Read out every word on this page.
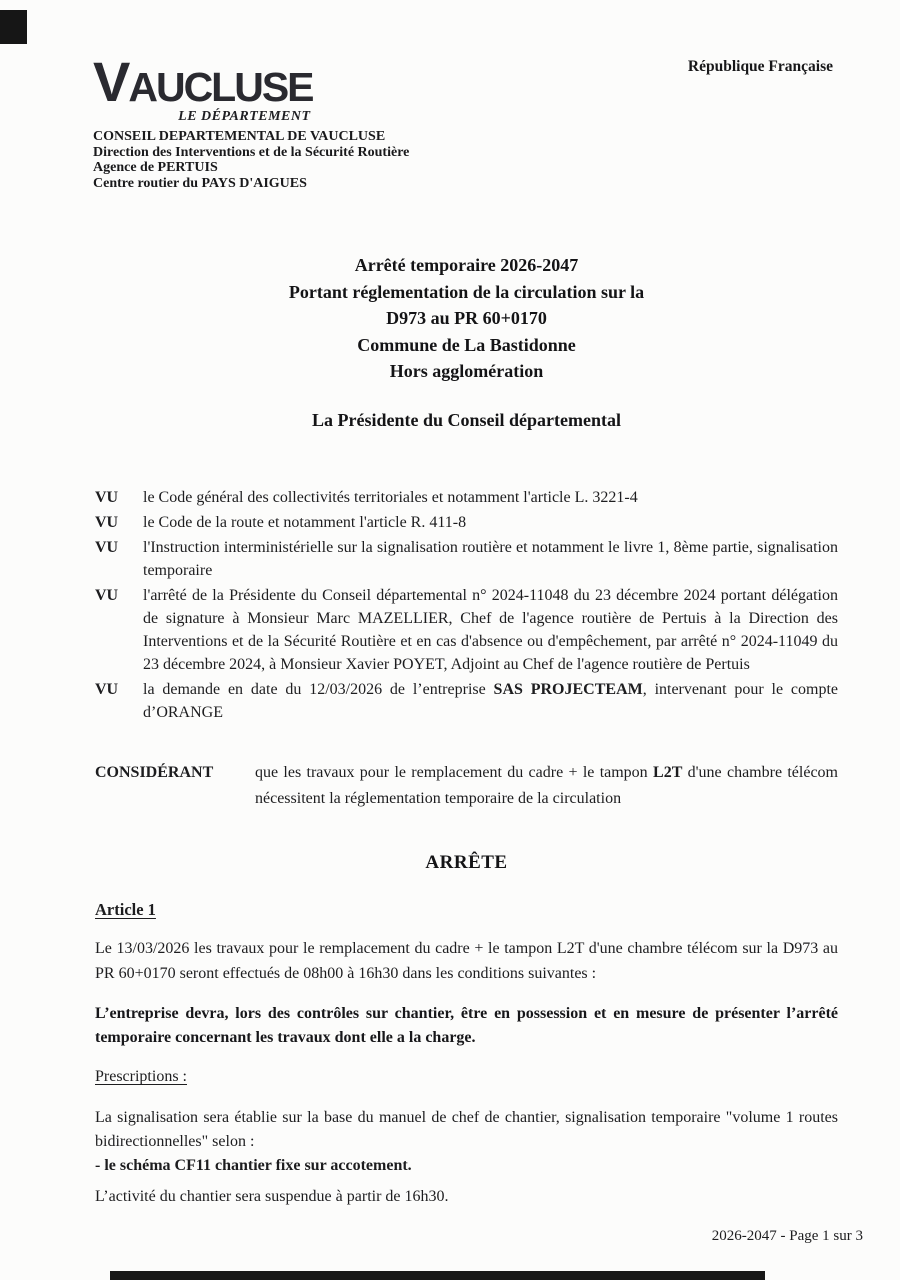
République Française
VAUCLUSE
LE DÉPARTEMENT
CONSEIL DEPARTEMENTAL DE VAUCLUSE
Direction des Interventions et de la Sécurité Routière
Agence de PERTUIS
Centre routier du PAYS D'AIGUES
Arrêté temporaire 2026-2047
Portant réglementation de la circulation sur la
D973 au PR 60+0170
Commune de La Bastidonne
Hors agglomération
La Présidente du Conseil départemental
VU	le Code général des collectivités territoriales et notamment l'article L. 3221-4

VU	le Code de la route et notamment l'article R. 411-8

VU	l'Instruction interministérielle sur la signalisation routière et notamment le livre 1, 8ème partie, signalisation temporaire

VU	l'arrêté de la Présidente du Conseil départemental n° 2024-11048 du 23 décembre 2024 portant délégation de signature à Monsieur Marc MAZELLIER, Chef de l'agence routière de Pertuis à la Direction des Interventions et de la Sécurité Routière et en cas d'absence ou d'empêchement, par arrêté n° 2024-11049 du 23 décembre 2024, à Monsieur Xavier POYET, Adjoint au Chef de l'agence routière de Pertuis

VU	la demande en date du 12/03/2026 de l’entreprise SAS PROJECTEAM, intervenant pour le compte d’ORANGE

CONSIDÉRANT	que les travaux pour le remplacement du cadre + le tampon L2T d'une chambre télécom nécessitent la réglementation temporaire de la circulation

ARRÊTE
Article 1

Le 13/03/2026 les travaux pour le remplacement du cadre + le tampon L2T d'une chambre télécom sur la D973 au PR 60+0170 seront effectués de 08h00 à 16h30 dans les conditions suivantes :

L’entreprise devra, lors des contrôles sur chantier, être en possession et en mesure de présenter l’arrêté temporaire concernant les travaux dont elle a la charge.

Prescriptions :

La signalisation sera établie sur la base du manuel de chef de chantier, signalisation temporaire "volume 1 routes bidirectionnelles" selon :

- le schéma CF11 chantier fixe sur accotement.
L’activité du chantier sera suspendue à partir de 16h30.
2026-2047 - Page 1 sur 3
